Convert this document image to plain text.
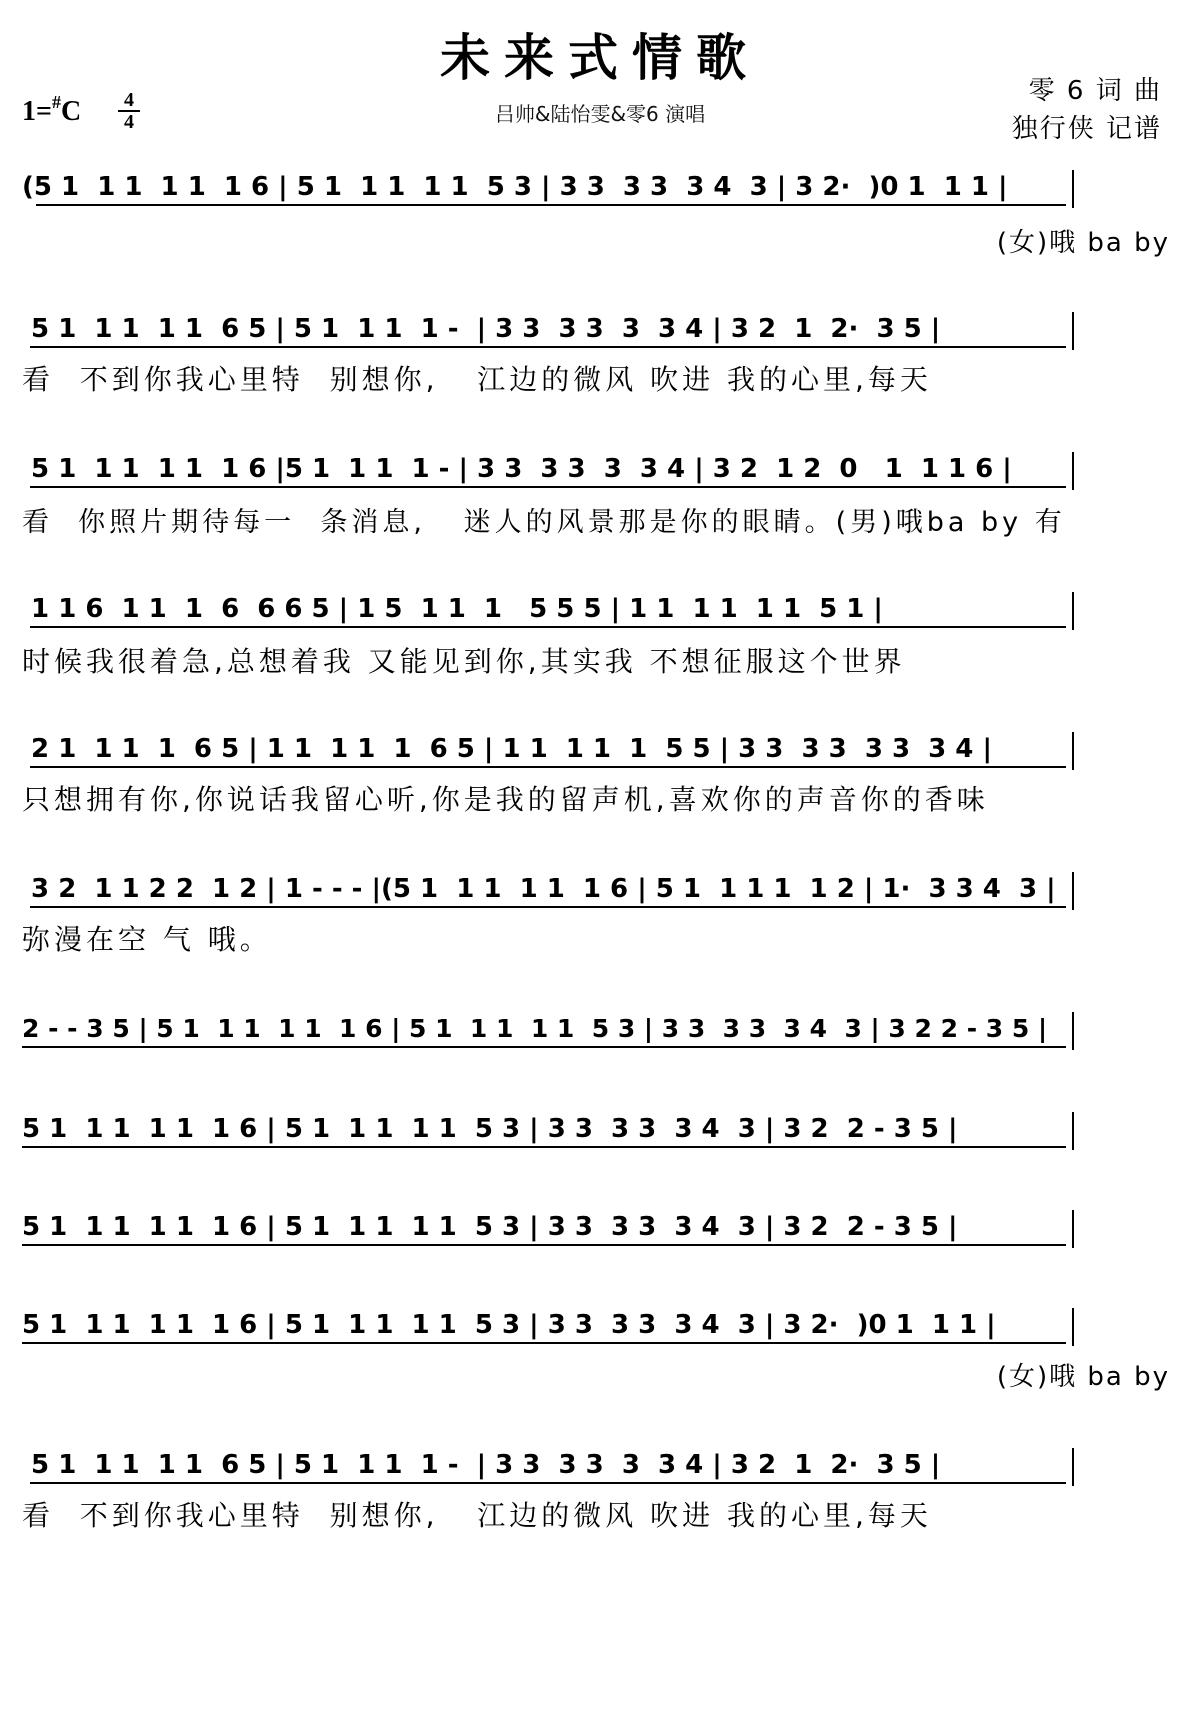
未来式情歌
吕帅&陆怡雯&零6 演唱
$1=^{\#}C \frac{4}{4}$	零 6 词 曲
独行侠 记谱
(5 1  1 1  1 1  1 6 | 5 1  1 1  1 1  5 3 | 3 3  3 3  3 4  3 | 3 2·  )0 1  1 1 |
(女)哦 ba by
5 1  1 1  1 1  6 5 | 5 1  1 1  1 -  | 3 3  3 3  3  3 4 | 3 2  1  2·  3 5 |
看  不到你我心里特  别想你,   江边的微风 吹进 我的心里,每天
5 1  1 1  1 1  1 6 |5 1  1 1  1 - | 3 3  3 3  3  3 4 | 3 2  1 2  0   1  1 1 6 |
看  你照片期待每一  条消息,   迷人的风景那是你的眼睛。(男)哦ba by 有
1 1 6  1 1  1  6  6 6 5 | 1 5  1 1  1   5 5 5 | 1 1  1 1  1 1  5 1 |
时候我很着急,总想着我 又能见到你,其实我 不想征服这个世界
2 1  1 1  1  6 5 | 1 1  1 1  1  6 5 | 1 1  1 1  1  5 5 | 3 3  3 3  3 3  3 4 |
只想拥有你,你说话我留心听,你是我的留声机,喜欢你的声音你的香味
3 2  1 1 2 2  1 2 | 1 - - - |(5 1  1 1  1 1  1 6 | 5 1  1 1 1  1 2 | 1·  3 3 4  3 |
弥漫在空 气 哦。
2 - - 3 5 | 5 1  1 1  1 1  1 6 | 5 1  1 1  1 1  5 3 | 3 3  3 3  3 4  3 | 3 2 2 - 3 5 |
5 1  1 1  1 1  1 6 | 5 1  1 1  1 1  5 3 | 3 3  3 3  3 4  3 | 3 2  2 - 3 5 |
5 1  1 1  1 1  1 6 | 5 1  1 1  1 1  5 3 | 3 3  3 3  3 4  3 | 3 2  2 - 3 5 |
5 1  1 1  1 1  1 6 | 5 1  1 1  1 1  5 3 | 3 3  3 3  3 4  3 | 3 2·  )0 1  1 1 |
(女)哦 ba by
5 1  1 1  1 1  6 5 | 5 1  1 1  1 -  | 3 3  3 3  3  3 4 | 3 2  1  2·  3 5 |
看  不到你我心里特  别想你,   江边的微风 吹进 我的心里,每天
